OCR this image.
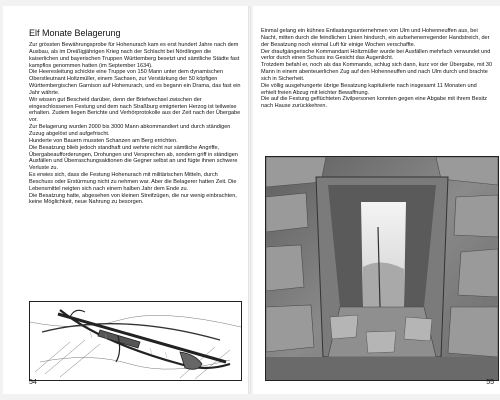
Elf Monate Belagerung

Zur grössten Bewährungsprobe für Hohenurach kam es erst hundert Jahre nach dem Ausbau, als im Dreißigjährigen Krieg nach der Schlacht bei Nördlingen die kaiserlichen und bayerischen Truppen Württemberg besetzt und sämtliche Städte fast kampflos genommen hatten (im September 1634).

Die Heeresleitung schickte eine Truppe von 150 Mann unter dem dynamischen Oberstleutnant Holtzmüller, einem Sachsen, zur Verstärkung der 50 köpfigen Württembergischen Garnison auf Hohenurach, und es begann ein Drama, das fast ein Jahr währte.

Wir wissen gut Bescheid darüber, denn der Briefwechsel zwischen der eingeschlossenen Festung und dem nach Straßburg emigrierten Herzog ist teilweise erhalten. Zudem liegen Berichte und Verhörprotokolle aus der Zeit nach der Übergabe vor.

Zur Belagerung wurden 2000 bis 3000 Mann abkommandiert und durch ständigen Zuzug abgelöst und aufgefrischt.

Hunderte von Bauern mussten Schanzen am Berg errichten.

Die Besatzung blieb jedoch standhaft und wehrte nicht nur sämtliche Angriffe, Übergabeaufforderungen, Drohungen und Versprechen ab, sondern griff in ständigen Ausfällen und Überraschungsaktionen die Gegner selbst an und fügte ihnen schwere Verluste zu.

Es erwies sich, dass die Festung Hohenurach mit militärischen Mitteln, durch Beschuss oder Erstürmung nicht zu nehmen war. Aber die Belagerer hatten Zeit. Die Lebensmittel neigten sich nach einem halben Jahr dem Ende zu.

Die Besatzung hatte, abgesehen von kleinen Streifzügen, die nur wenig einbrachten, keine Möglichkeit, neue Nahrung zu besorgen.

54

Einmal gelang ein kühnes Entlastungsunternehmen von Ulm und Hohenneuffen aus, bei Nacht, mitten durch die feindlichen Linien hindurch, ein aufsehenerregender Handstreich, der der Besatzung noch einmal Luft für einige Wochen verschaffte.

Der draufgängerische Kommandant Holtzmüller wurde bei Ausfällen mehrfach verwundet und verlor durch einen Schuss ins Gesicht das Augenlicht.

Trotzdem befahl er, noch als das Kommando, schlug sich dann, kurz vor der Übergabe, mit 30 Mann in einem abenteuerlichen Zug auf den Hohenneuffen und nach Ulm durch und brachte sich in Sicherheit.

Die völlig ausgehungerte übrige Besatzung kapitulierte nach insgesamt 11 Monaten und erhielt freien Abzug mit leichter Bewaffnung.

Die auf die Festung geflüchteten Zivilpersonen konnten gegen eine Abgabe mit ihrem Besitz nach Hause zurückkehren.

55
